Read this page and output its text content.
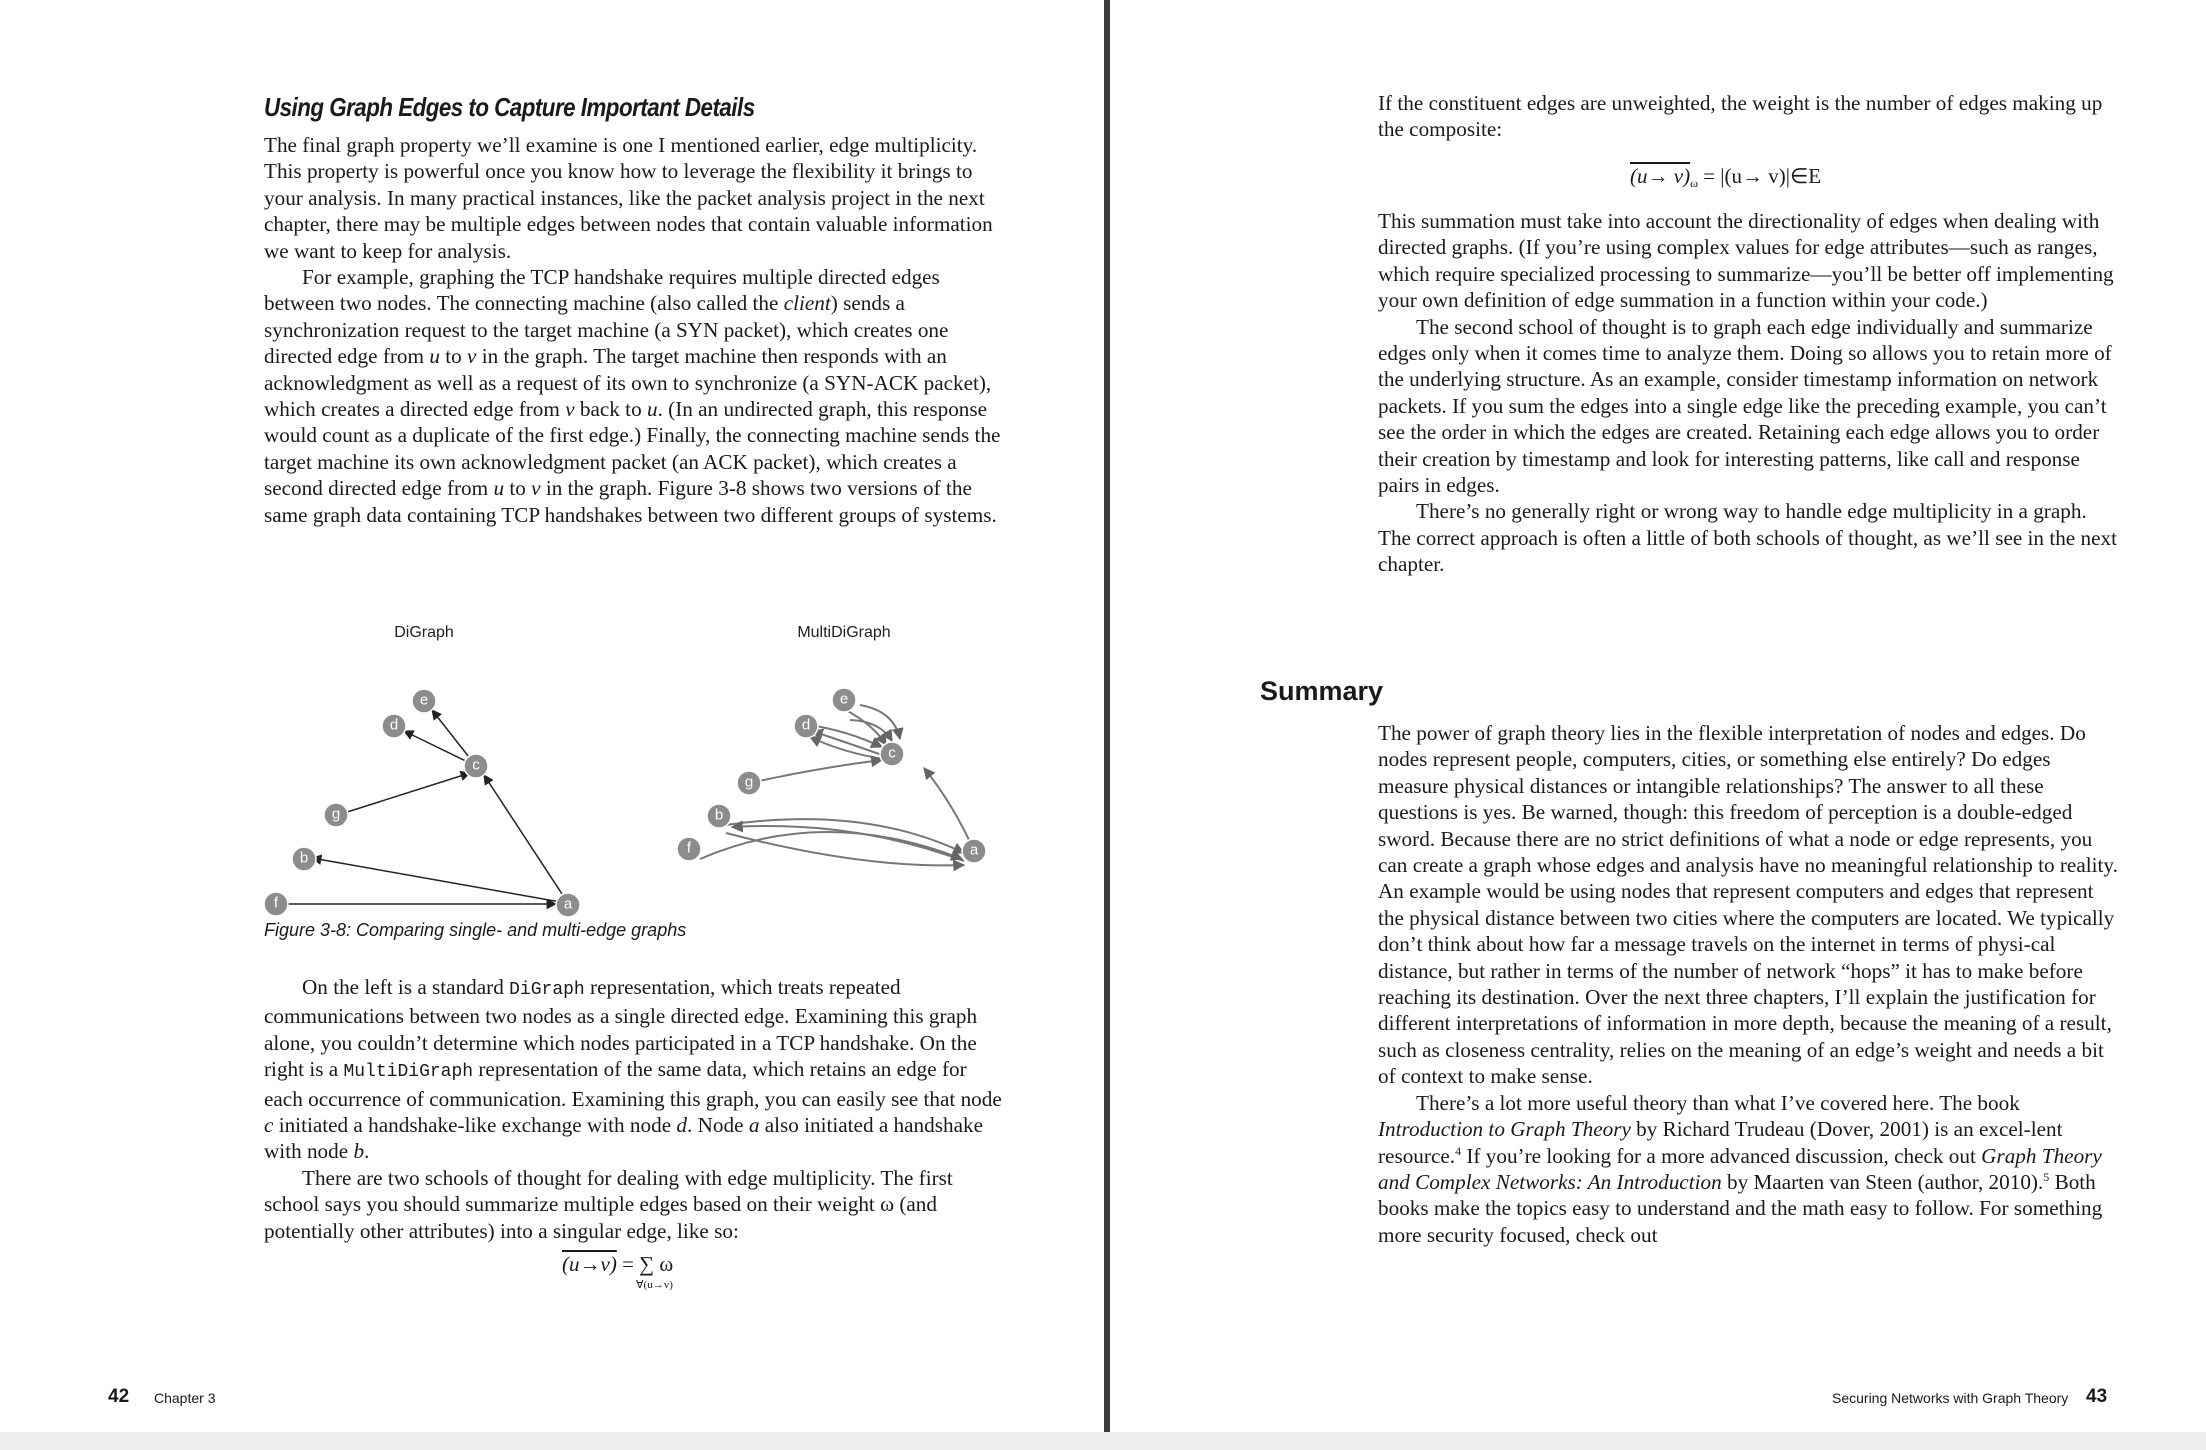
Using Graph Edges to Capture Important Details

The final graph property we’ll examine is one I mentioned earlier, edge multiplicity. This property is powerful once you know how to leverage the flexibility it brings to your analysis. In many practical instances, like the packet analysis project in the next chapter, there may be multiple edges between nodes that contain valuable information we want to keep for analysis.

For example, graphing the TCP handshake requires multiple directed edges between two nodes. The connecting machine (also called the client) sends a synchronization request to the target machine (a SYN packet), which creates one directed edge from u to v in the graph. The target machine then responds with an acknowledgment as well as a request of its own to synchronize (a SYN-ACK packet), which creates a directed edge from v back to u. (In an undirected graph, this response would count as a duplicate of the first edge.) Finally, the connecting machine sends the target machine its own acknowledgment packet (an ACK packet), which creates a second directed edge from u to v in the graph. Figure 3-8 shows two versions of the same graph data containing TCP handshakes between two different groups of systems.

DiGraph	MultiDiGraph
e
d
c
g
b
f	a
e
d
c
g
b
f	a

Figure 3-8: Comparing single- and multi-edge graphs

On the left is a standard DiGraph representation, which treats repeated communications between two nodes as a single directed edge. Examining this graph alone, you couldn’t determine which nodes participated in a TCP handshake. On the right is a MultiDiGraph representation of the same data, which retains an edge for each occurrence of communication. Examining this graph, you can easily see that node c initiated a handshake-like exchange with node d. Node a also initiated a handshake with node b.

There are two schools of thought for dealing with edge multiplicity. The first school says you should summarize multiple edges based on their weight ω (and potentially other attributes) into a singular edge, like so:

(u→v) = ∑ ω
∀(u→v)
42 Chapter 3

If the constituent edges are unweighted, the weight is the number of edges making up the composite:

$(u\to v)_\omega = |(u\to$ v)|∈E

This summation must take into account the directionality of edges when dealing with directed graphs. (If you’re using complex values for edge attributes—such as ranges, which require specialized processing to summarize—you’ll be better off implementing your own definition of edge summation in a function within your code.)

The second school of thought is to graph each edge individually and summarize edges only when it comes time to analyze them. Doing so allows you to retain more of the underlying structure. As an example, consider timestamp information on network packets. If you sum the edges into a single edge like the preceding example, you can’t see the order in which the edges are created. Retaining each edge allows you to order their creation by timestamp and look for interesting patterns, like call and response pairs in edges.

There’s no generally right or wrong way to handle edge multiplicity in a graph. The correct approach is often a little of both schools of thought, as we’ll see in the next chapter.

Summary

The power of graph theory lies in the flexible interpretation of nodes and edges. Do nodes represent people, computers, cities, or something else entirely? Do edges measure physical distances or intangible relationships? The answer to all these questions is yes. Be warned, though: this freedom of perception is a double-edged sword. Because there are no strict definitions of what a node or edge represents, you can create a graph whose edges and analysis have no meaningful relationship to reality. An example would be using nodes that represent computers and edges that represent the physical distance between two cities where the computers are located. We typically don’t think about how far a message travels on the internet in terms of physi-cal distance, but rather in terms of the number of network “hops” it has to make before reaching its destination. Over the next three chapters, I’ll explain the justification for different interpretations of information in more depth, because the meaning of a result, such as closeness centrality, relies on the meaning of an edge’s weight and needs a bit of context to make sense.

There’s a lot more useful theory than what I’ve covered here. The book Introduction to Graph Theory by Richard Trudeau (Dover, 2001) is an excel-lent resource.$^4$ If you’re looking for a more advanced discussion, check out Graph Theory and Complex Networks: An Introduction by Maarten van Steen (author, 2010).$^5$ Both books make the topics easy to understand and the math easy to follow. For something more security focused, check out

Securing Networks with Graph Theory 43
